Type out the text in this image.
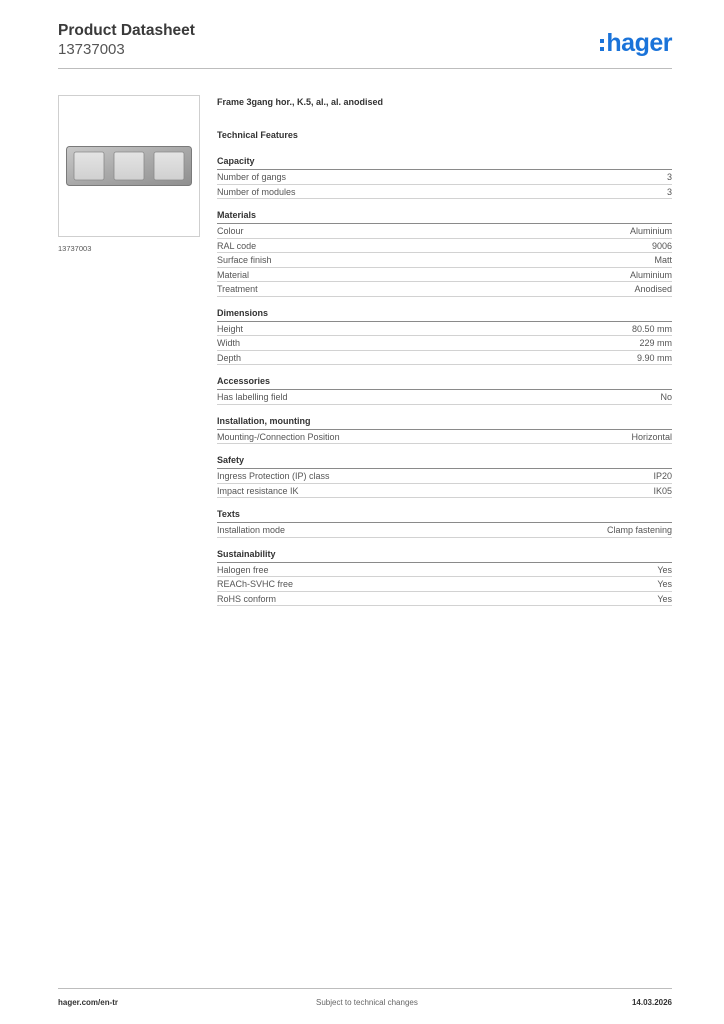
Product Datasheet
13737003	hager
13737003
Frame 3gang hor., K.5, al., al. anodised
Technical Features
Capacity
Number of gangs	3
Number of modules	3
Materials
Colour	Aluminium
RAL code	9006
Surface finish	Matt
Material	Aluminium
Treatment	Anodised
Dimensions
Height	80.50 mm
Width	229 mm
Depth	9.90 mm
Accessories
Has labelling field	No
Installation, mounting
Mounting-/Connection Position	Horizontal
Safety
Ingress Protection (IP) class	IP20
Impact resistance IK	IK05
Texts
Installation mode	Clamp fastening
Sustainability
Halogen free	Yes
REACh-SVHC free	Yes
RoHS conform	Yes
hager.com/en-tr	Subject to technical changes	14.03.2026
